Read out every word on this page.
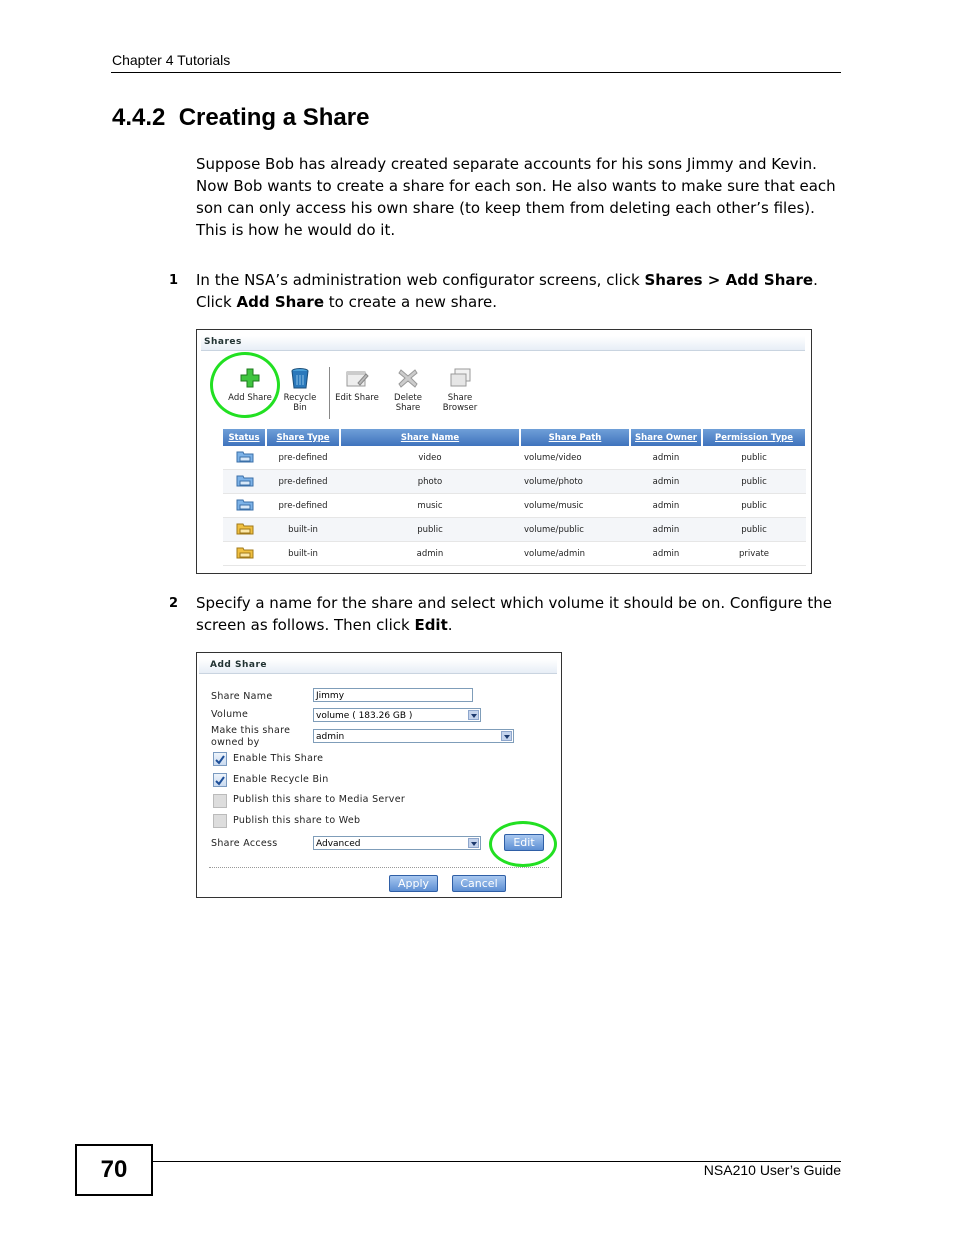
Chapter 4 Tutorials
4.4.2  Creating a Share
Suppose Bob has already created separate accounts for his sons Jimmy and Kevin. Now Bob wants to create a share for each son. He also wants to make sure that each son can only access his own share (to keep them from deleting each other’s files). This is how he would do it.
1 In the NSA’s administration web configurator screens, click Shares > Add Share. Click Add Share to create a new share.
Shares
Add Share	Recycle Bin
Edit Share	Delete Share
Share Browser
Status	Share Type	Share Name	Share Path	Share Owner	Permission Type
	pre-defined	video	volume/video	admin	public
	pre-defined	photo	volume/photo	admin	public
	pre-defined	music	volume/music	admin	public
	built-in	public	volume/public	admin	public
	built-in	admin	volume/admin	admin	private
2 Specify a name for the share and select which volume it should be on. Configure the screen as follows. Then click Edit.
Add Share
Share Name	Jimmy
Volume	volume ( 183.26 GB )
Make this share
owned by	admin
Enable This Share
Enable Recycle Bin
Publish this share to Media Server
Publish this share to Web
Share Access	Advanced	Edit
Apply	Cancel
70	NSA210 User’s Guide
